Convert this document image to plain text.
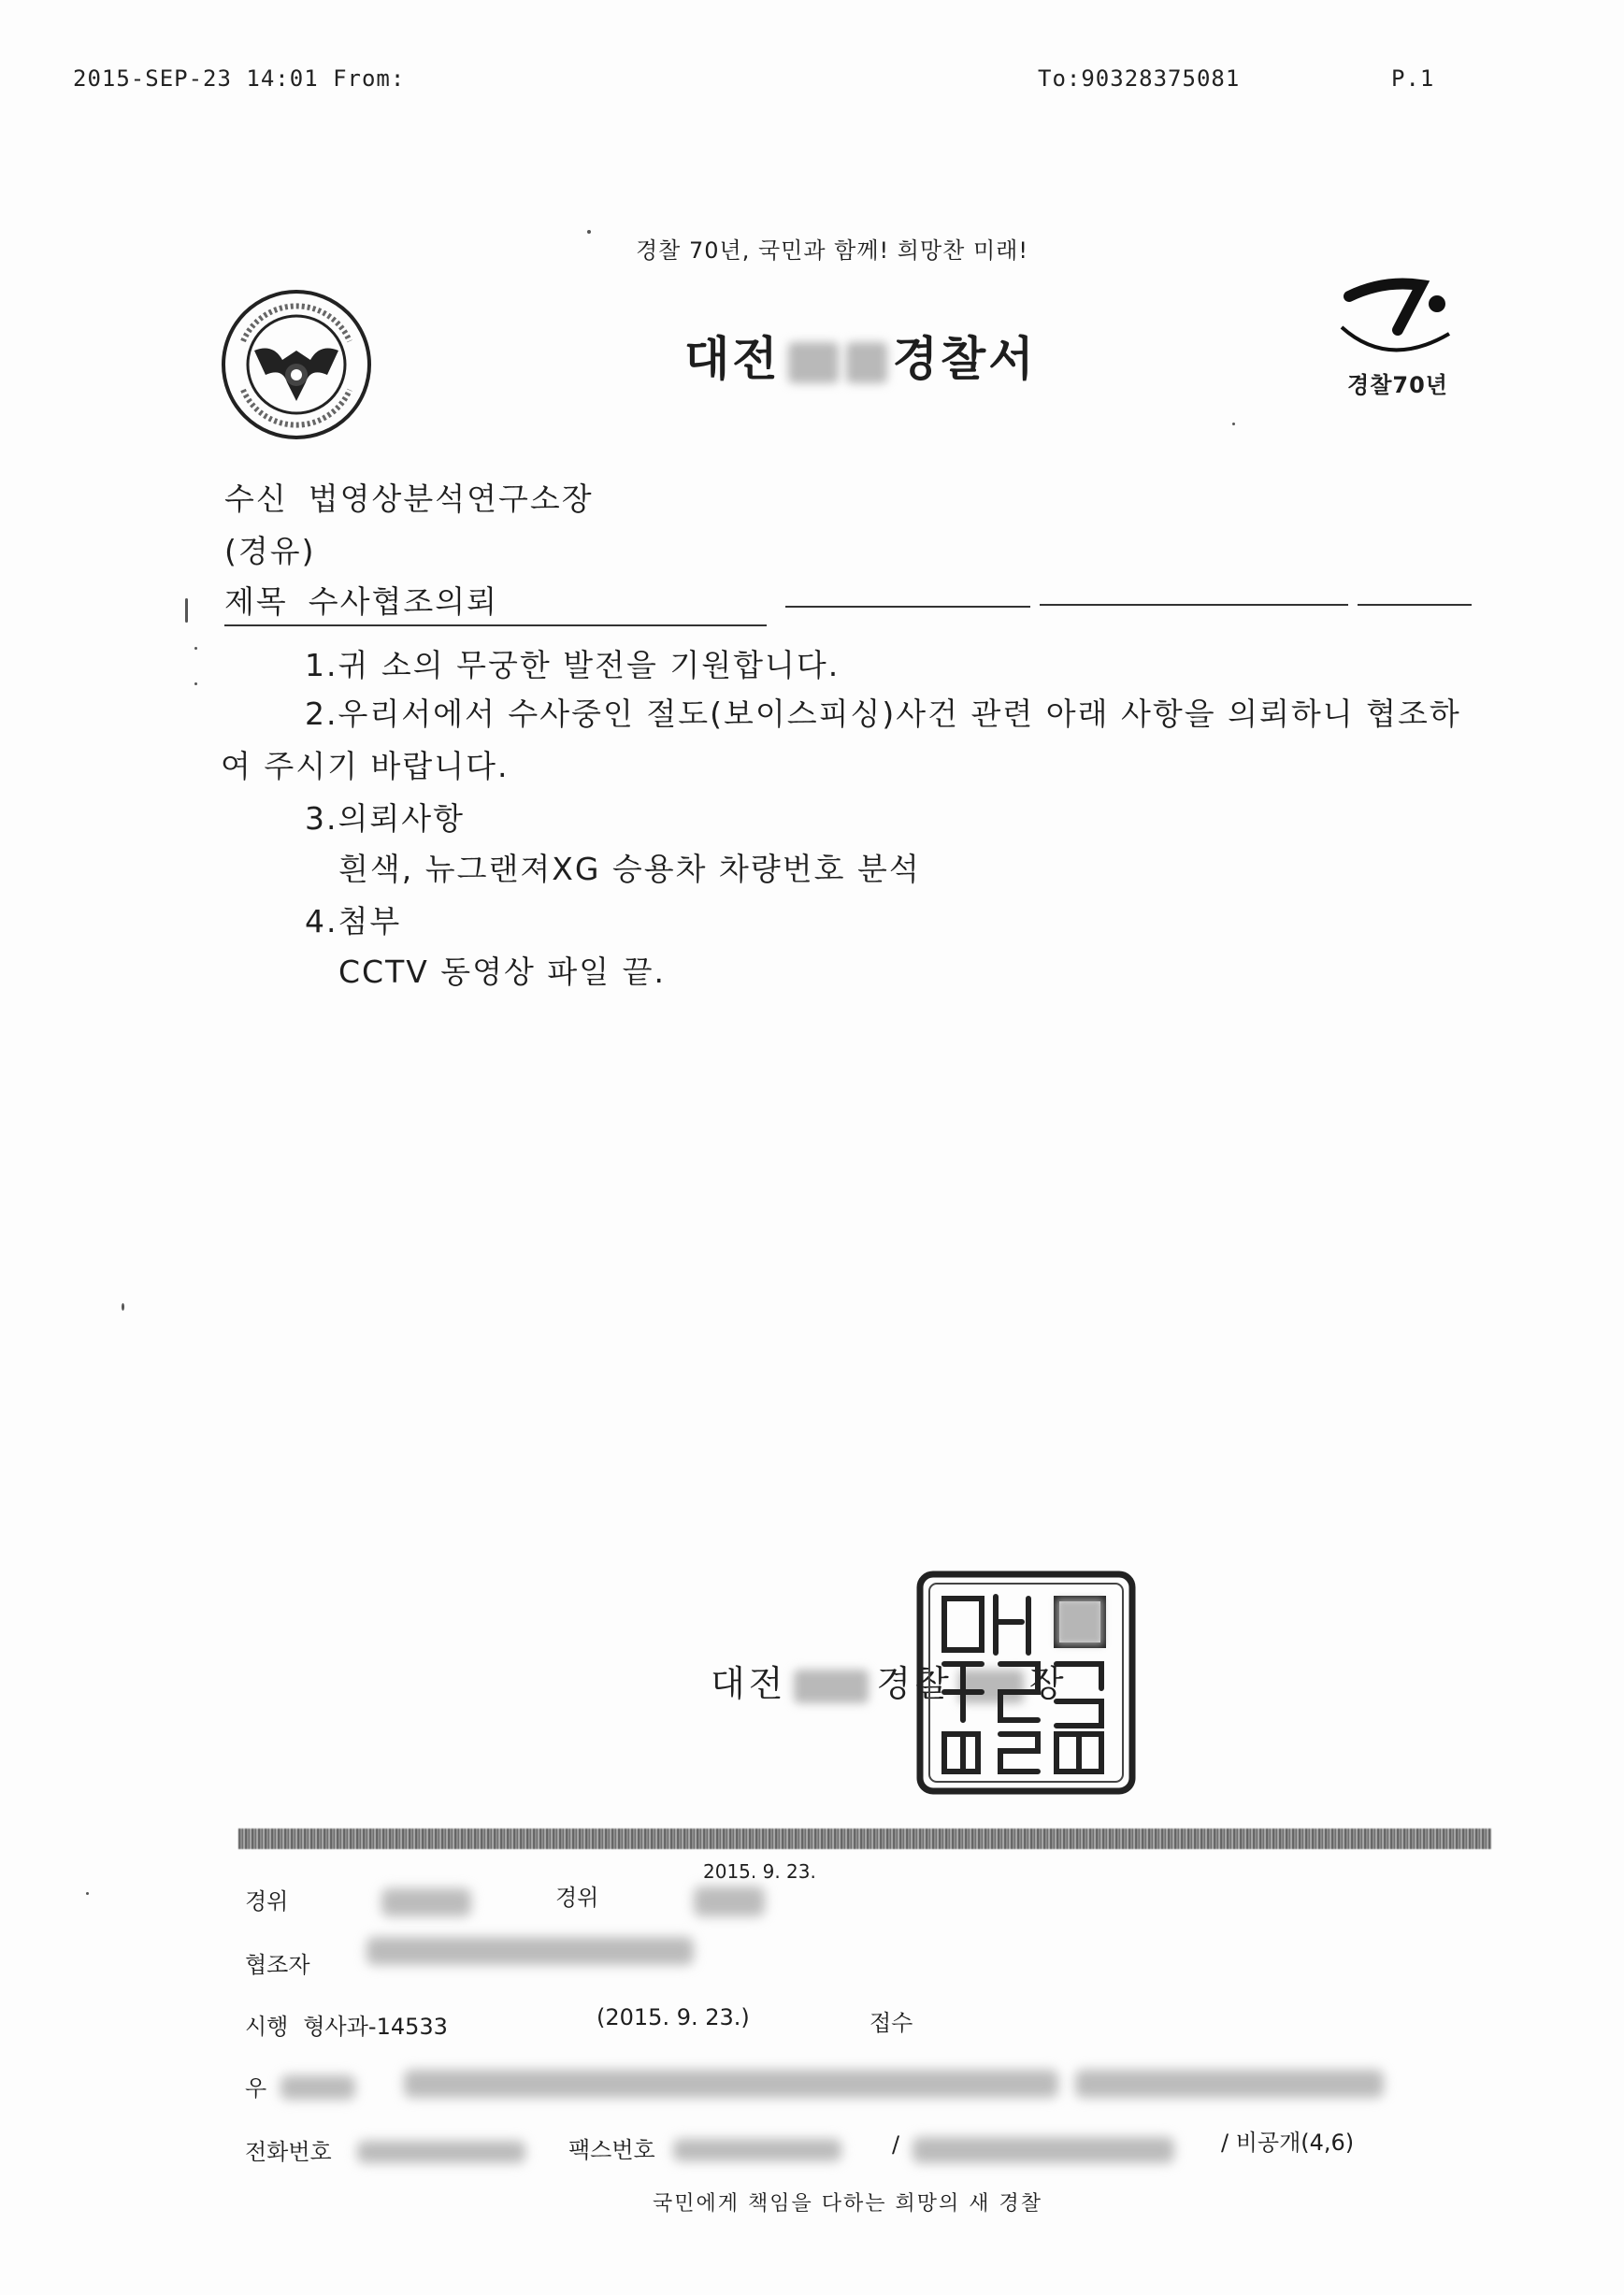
2015-SEP-23 14:01 From:	To:90328375081	P.1
경찰 70년, 국민과 함께! 희망찬 미래!
대전 경찰서	경찰70년
수신 법영상분석연구소장
(경유)
제목 수사협조의뢰
1.귀 소의 무궁한 발전을 기원합니다.
2.우리서에서 수사중인 절도(보이스피싱)사건 관련 아래 사항을 의뢰하니 협조하
여 주시기 바랍니다.
3.의뢰사항
흰색, 뉴그랜져XG 승용차 차량번호 분석
4.첨부
CCTV 동영상 파일 끝.
대전	경찰 장
경위	경위
2015. 9. 23.
협조자
시행 형사과-14533	(2015. 9. 23.)	접수
우
전화번호	팩스번호	/	/ 비공개(4,6)
국민에게 책임을 다하는 희망의 새 경찰
